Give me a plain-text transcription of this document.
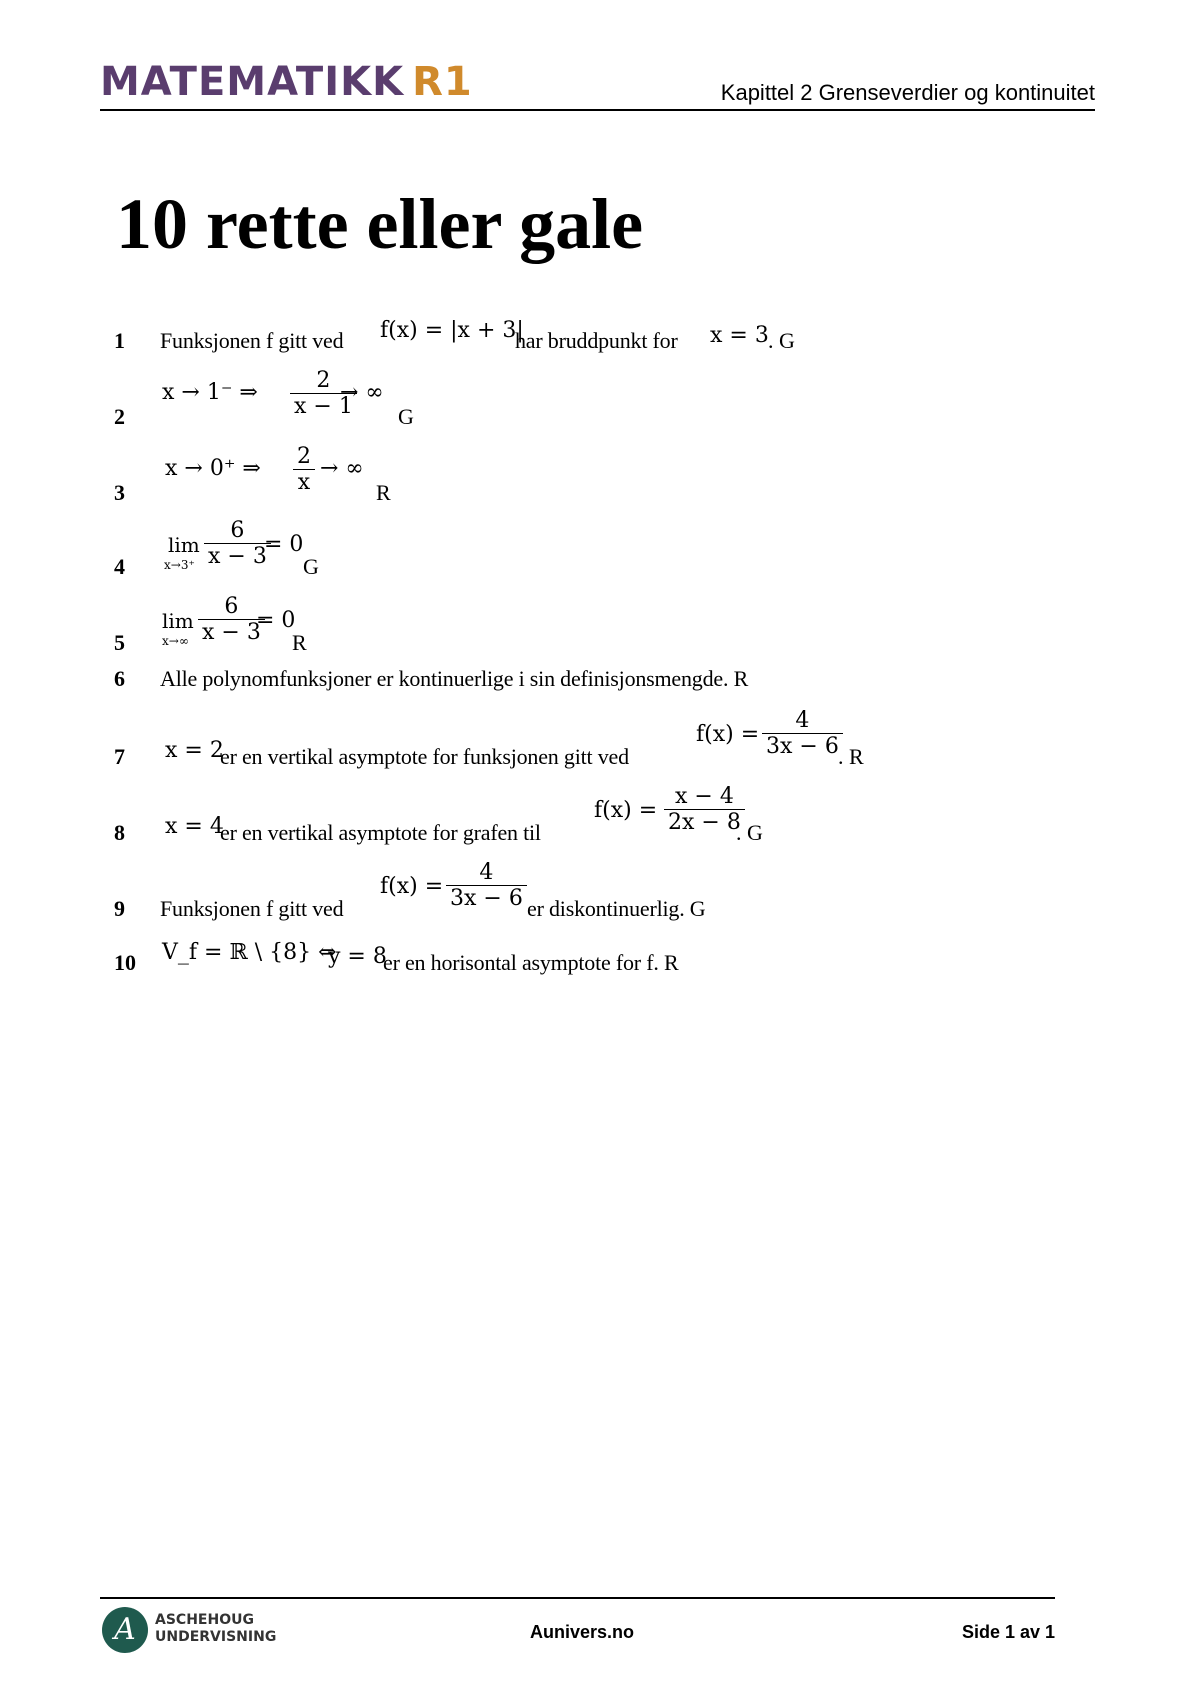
MATEMATIKK R1	Kapittel 2 Grenseverdier og kontinuitet
10 rette eller gale
1 Funksjonen f gitt ved f(x) = |x + 3|
har bruddpunkt for x = 3 . G
2
x → 1⁻ ⇒ $\frac{2}{x - 1}$
→ ∞
G
3
x → 0⁺ ⇒ $\frac{2}{x}$ → ∞
R
4
lim
$x\to 3^+ \frac{6}{x - 3}$
= 0
G
5
lim
$x\to\infty \frac{6}{x - 3}$
= 0
R
6 Alle polynomfunksjoner er kontinuerlige i sin definisjonsmengde. R
7 x = 2
er en vertikal asymptote for funksjonen gitt ved
$f(x) = \frac{4}{3x - 6}$
. R
8 x = 4
er en vertikal asymptote for grafen til
$f(x) = \frac{x - 4}{2x - 8}$
. G
9 Funksjonen f gitt ved
$f(x) = \frac{4}{3x - 6}$ er diskontinuerlig. G
10 V_f = ℝ \ {8} ⇔
y = 8
er en horisontal asymptote for f. R
A	ASCHEHOUG
UNDERVISNING	Aunivers.no	Side 1 av 1
